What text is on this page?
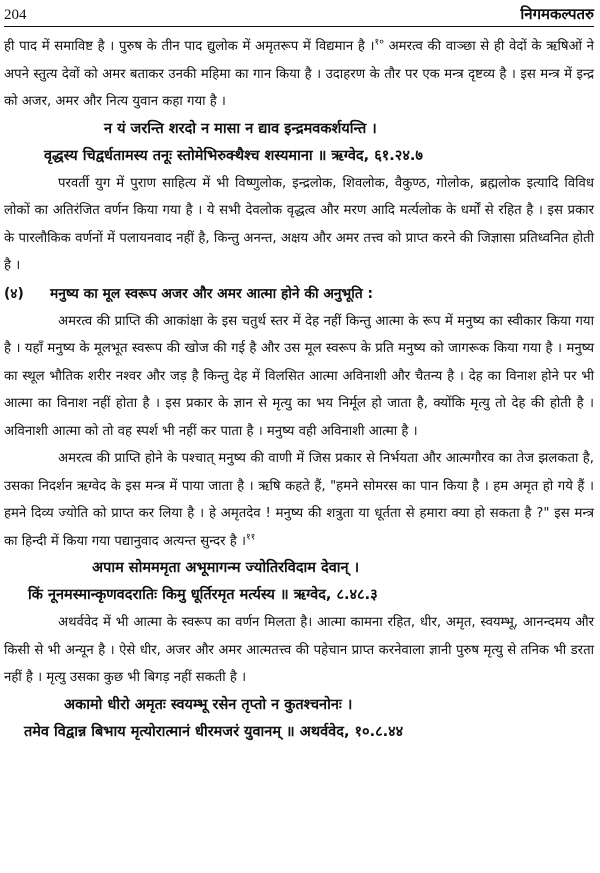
204	निगमकल्पतरु

ही पाद में समाविष्ट है । पुरुष के तीन पाद द्युलोक में अमृतरूप में विद्यमान है ।$^{१०}$ अमरत्व की वाञ्छा से ही वेदों के ऋषिओं ने अपने स्तुत्य देवों को अमर बताकर उनकी महिमा का गान किया है । उदाहरण के तौर पर एक मन्त्र दृष्टव्य है । इस मन्त्र में इन्द्र को अजर, अमर और नित्य युवान कहा गया है ।

न यं जरन्ति शरदो न मासा न द्याव इन्द्रमवकर्शयन्ति ।
वृद्धस्य चिद्वर्धतामस्य तनूः स्तोमेभिरुक्थैश्च शस्यमाना ॥ ऋग्वेद, ६१.२४.७

परवर्ती युग में पुराण साहित्य में भी विष्णुलोक, इन्द्रलोक, शिवलोक, वैकुण्ठ, गोलोक, ब्रह्मलोक इत्यादि विविध लोकों का अतिरंजित वर्णन किया गया है । ये सभी देवलोक वृद्धत्व और मरण आदि मर्त्यलोक के धर्मों से रहित है । इस प्रकार के पारलौकिक वर्णनों में पलायनवाद नहीं है, किन्तु अनन्त, अक्षय और अमर तत्त्व को प्राप्त करने की जिज्ञासा प्रतिध्वनित होती है ।

(४)	मनुष्य का मूल स्वरूप अजर और अमर आत्मा होने की अनुभूति :

अमरत्व की प्राप्ति की आकांक्षा के इस चतुर्थ स्तर में देह नहीं किन्तु आत्मा के रूप में मनुष्य का स्वीकार किया गया है । यहाँ मनुष्य के मूलभूत स्वरूप की खोज की गई है और उस मूल स्वरूप के प्रति मनुष्य को जागरूक किया गया है । मनुष्य का स्थूल भौतिक शरीर नश्वर और जड़ है किन्तु देह में विलसित आत्मा अविनाशी और चैतन्य है । देह का विनाश होने पर भी आत्मा का विनाश नहीं होता है । इस प्रकार के ज्ञान से मृत्यु का भय निर्मूल हो जाता है, क्योंकि मृत्यु तो देह की होती है । अविनाशी आत्मा को तो वह स्पर्श भी नहीं कर पाता है । मनुष्य वही अविनाशी आत्मा है ।

अमरत्व की प्राप्ति होने के पश्चात् मनुष्य की वाणी में जिस प्रकार से निर्भयता और आत्मगौरव का तेज झलकता है, उसका निदर्शन ऋग्वेद के इस मन्त्र में पाया जाता है । ऋषि कहते हैं, "हमने सोमरस का पान किया है । हम अमृत हो गये हैं । हमने दिव्य ज्योति को प्राप्त कर लिया है । हे अमृतदेव ! मनुष्य की शत्रुता या धूर्तता से हमारा क्या हो सकता है ?" इस मन्त्र का हिन्दी में किया गया पद्यानुवाद अत्यन्त सुन्दर है ।$^{११}$

अपाम सोमममृता अभूमागन्म ज्योतिरविदाम देवान् ।
किं नूनमस्मान्कृणवदरातिः किमु धूर्तिरमृत मर्त्यस्य ॥ ऋग्वेद, ८.४८.३

अथर्ववेद में भी आत्मा के स्वरूप का वर्णन मिलता है। आत्मा कामना रहित, धीर, अमृत, स्वयम्भू, आनन्दमय और किसी से भी अन्यून है । ऐसे धीर, अजर और अमर आत्मतत्त्व की पहेचान प्राप्त करनेवाला ज्ञानी पुरुष मृत्यु से तनिक भी डरता नहीं है । मृत्यु उसका कुछ भी बिगड़ नहीं सकती है ।

अकामो धीरो अमृतः स्वयम्भू रसेन तृप्तो न कुतश्चनोनः ।
तमेव विद्वान्न बिभाय मृत्योरात्मानं धीरमजरं युवानम् ॥ अथर्ववेद, १०.८.४४
